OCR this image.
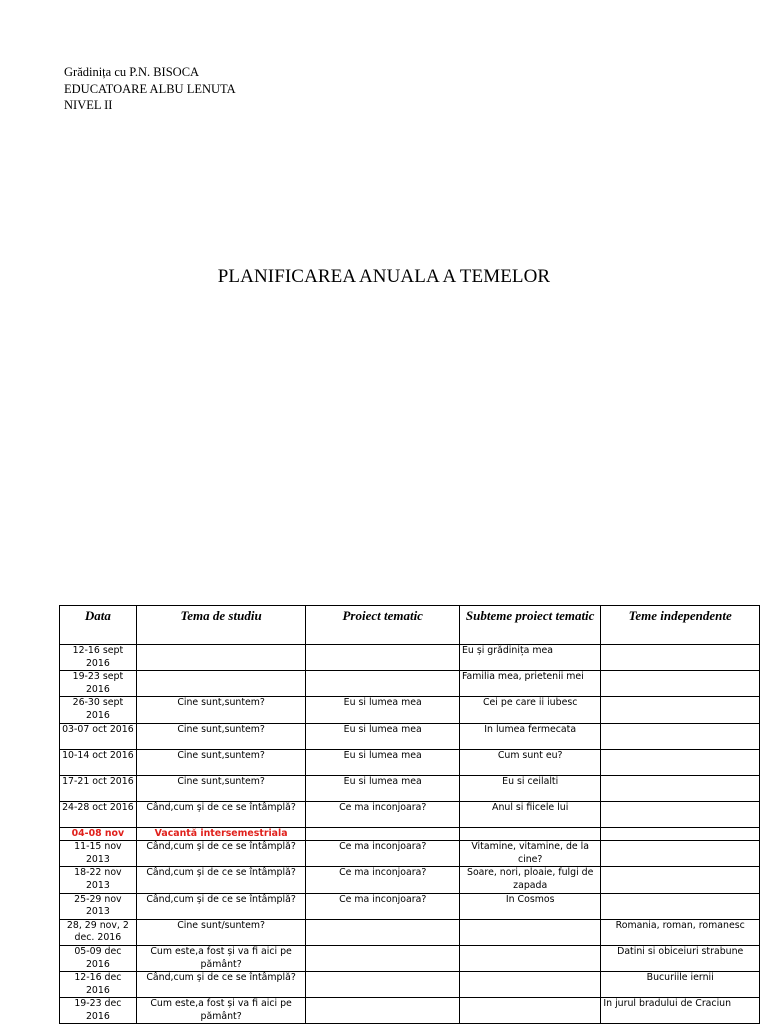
Grădinița cu P.N. BISOCA
EDUCATOARE ALBU LENUTA
NIVEL II
PLANIFICAREA ANUALA A TEMELOR
Data	Tema de studiu	Proiect tematic	Subteme proiect tematic	Teme independente
12-16 sept 2016			Eu și grădinița mea	
19-23 sept 2016			Familia mea, prietenii mei	
26-30 sept 2016	Cine sunt,suntem?	Eu si lumea mea	Cei pe care ii iubesc	
03-07 oct 2016	Cine sunt,suntem?	Eu si lumea mea	In lumea fermecata	
10-14 oct 2016	Cine sunt,suntem?	Eu si lumea mea	Cum sunt eu?	
17-21 oct 2016	Cine sunt,suntem?	Eu si lumea mea	Eu si ceilalti	
24-28 oct 2016	Când,cum și de ce se întâmplă?	Ce ma inconjoara?	Anul si fiicele lui	
04-08 nov	Vacantă intersemestriala			
11-15 nov 2013	Când,cum și de ce se întâmplă?	Ce ma inconjoara?	Vitamine, vitamine, de la cine?	
18-22 nov 2013	Când,cum și de ce se întâmplă?	Ce ma inconjoara?	Soare, nori, ploaie, fulgi de zapada	
25-29 nov 2013	Când,cum și de ce se întâmplă?	Ce ma inconjoara?	In Cosmos	
28, 29 nov, 2 dec. 2016	Cine sunt/suntem?			Romania, roman, romanesc
05-09 dec 2016	Cum este,a fost și va fi aici pe pământ?			Datini si obiceiuri strabune
12-16 dec 2016	Când,cum și de ce se întâmplă?			Bucuriile iernii
19-23 dec 2016	Cum este,a fost și va fi aici pe pământ?			In jurul bradului de Craciun
